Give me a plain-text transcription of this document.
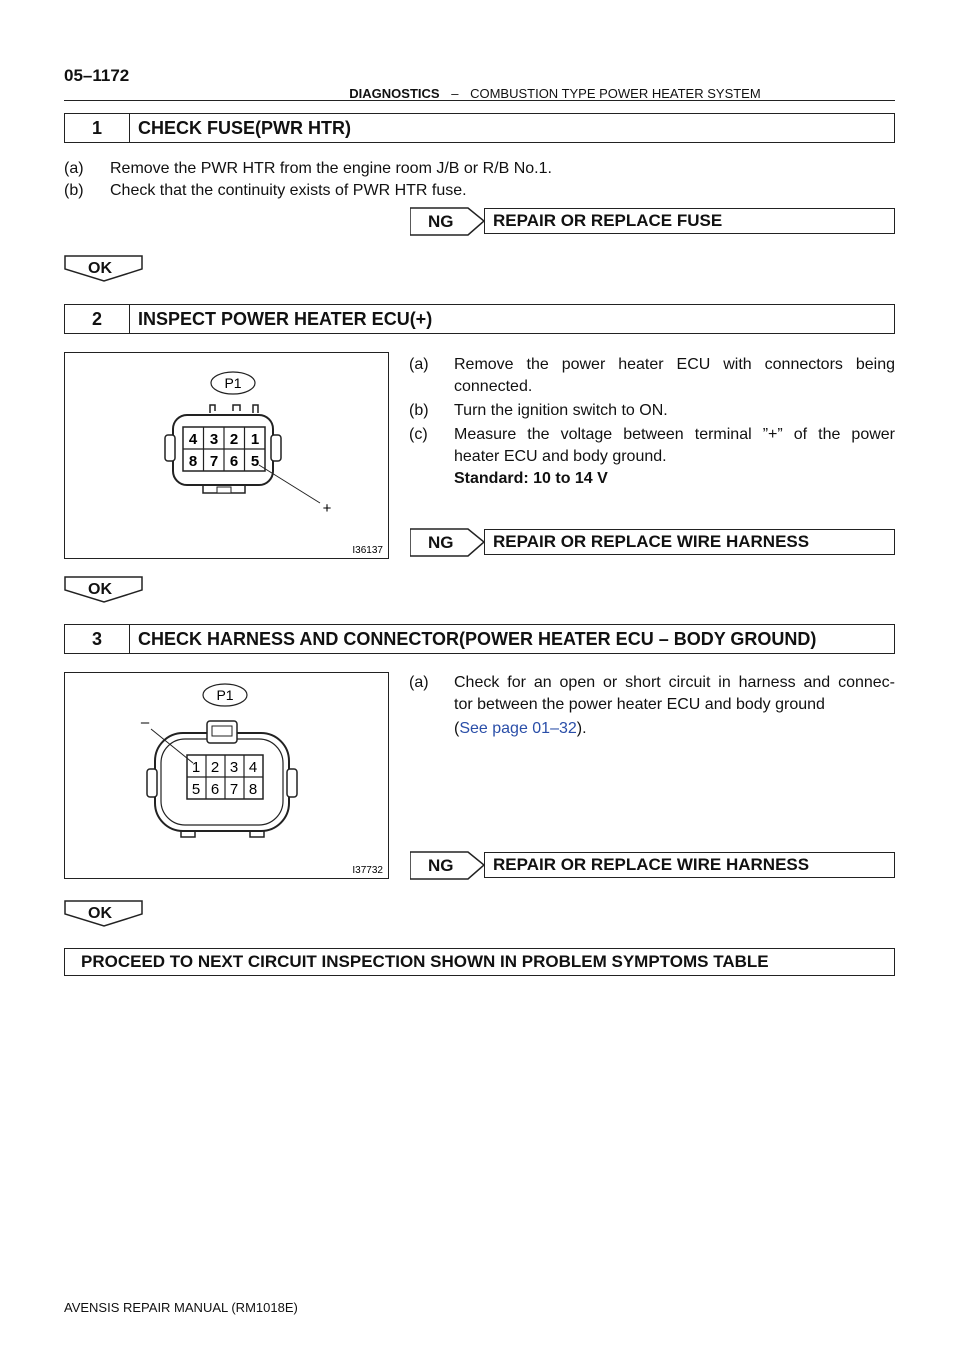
05–1172
DIAGNOSTICS – COMBUSTION TYPE POWER HEATER SYSTEM
1	CHECK FUSE(PWR HTR)
(a) Remove the PWR HTR from the engine room J/B or R/B No.1.
(b) Check that the continuity exists of PWR HTR fuse.
NG	REPAIR OR REPLACE FUSE
OK
2	INSPECT POWER HEATER ECU(+)
P1
4 3 2 1
8 7 6 5
+
I36137
(a) Remove the power heater ECU with connectors being
connected.
(b) Turn the ignition switch to ON.
(c) Measure the voltage between terminal ”+” of the power
heater ECU and body ground.
Standard: 10 to 14 V
NG	REPAIR OR REPLACE WIRE HARNESS
OK
3	CHECK HARNESS AND CONNECTOR(POWER HEATER ECU – BODY GROUND)
P1
1 2 3 4
5 6 7 8
–
I37732
(a) Check for an open or short circuit in harness and connec-
tor between the power heater ECU and body ground
(See page 01–32).
NG	REPAIR OR REPLACE WIRE HARNESS
OK
PROCEED TO NEXT CIRCUIT INSPECTION SHOWN IN PROBLEM SYMPTOMS TABLE
AVENSIS REPAIR MANUAL (RM1018E)
